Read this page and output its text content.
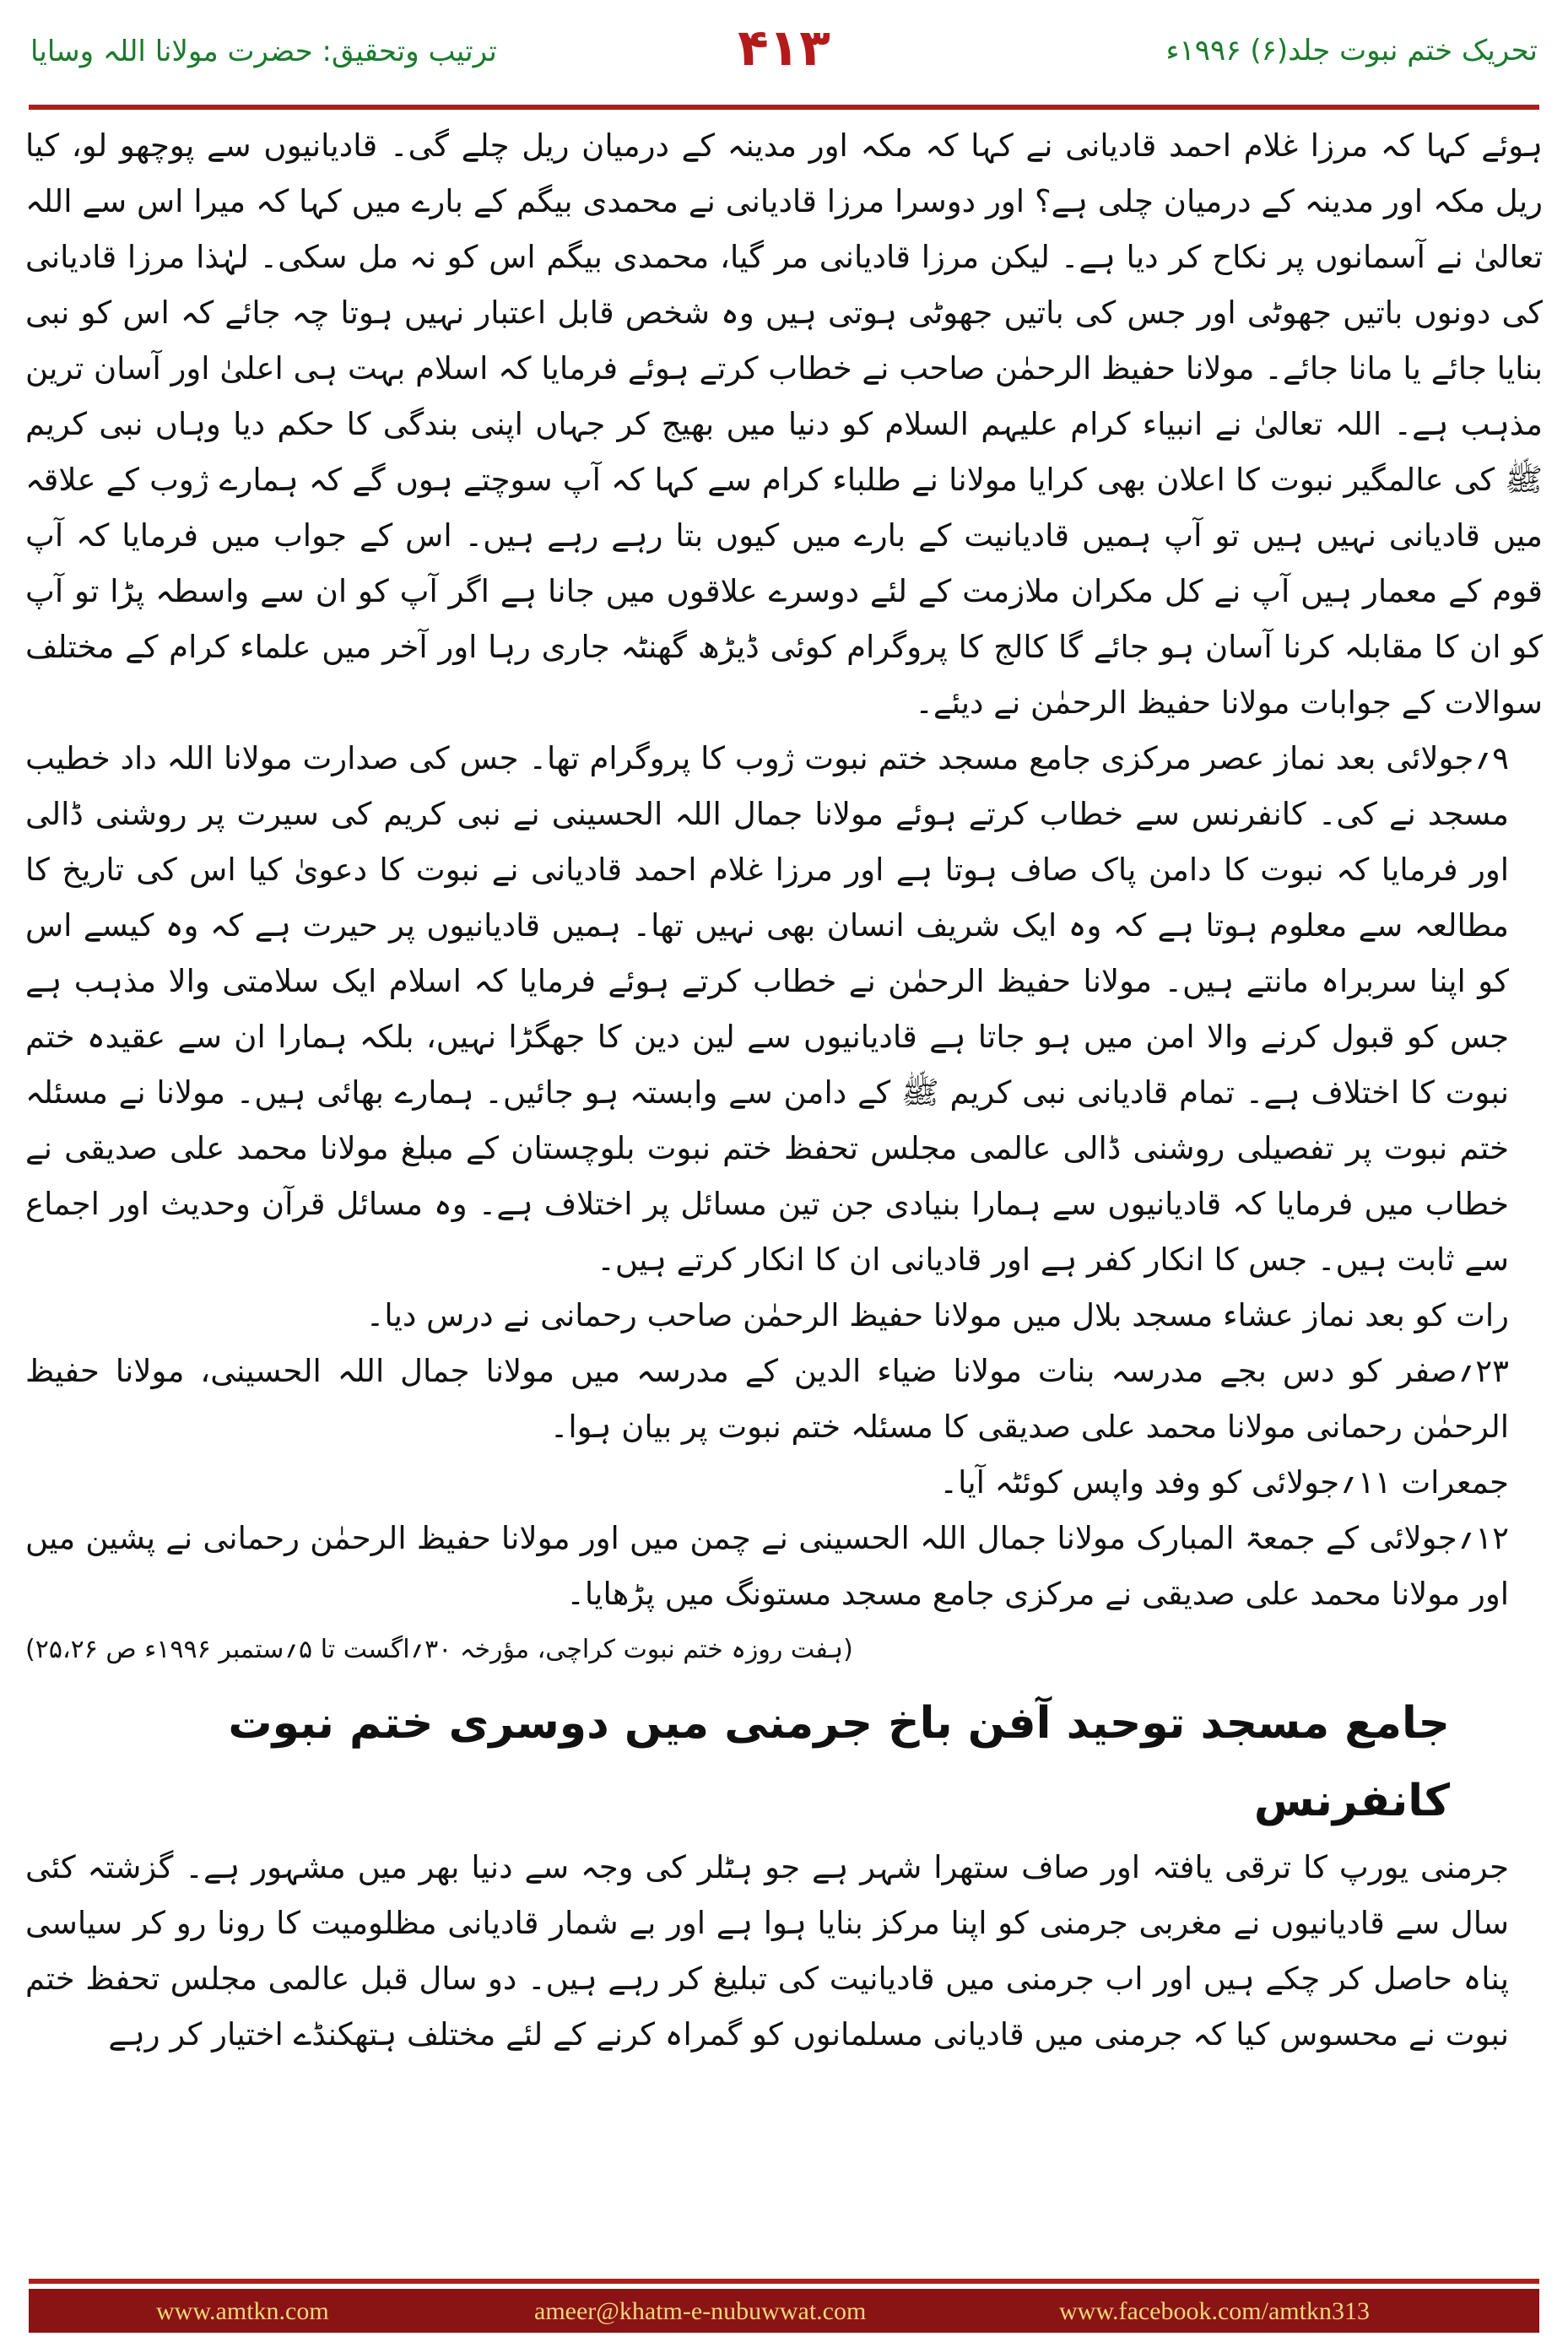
ترتیب وتحقیق: حضرت مولانا اللہ وسایا	۴۱۳	تحریک ختم نبوت جلد(۶) ۱۹۹۶ء

ہوئے کہا کہ مرزا غلام احمد قادیانی نے کہا کہ مکہ اور مدینہ کے درمیان ریل چلے گی۔ قادیانیوں سے پوچھو لو، کیا ریل مکہ اور مدینہ کے درمیان چلی ہے؟ اور دوسرا مرزا قادیانی نے محمدی بیگم کے بارے میں کہا کہ میرا اس سے اللہ تعالیٰ نے آسمانوں پر نکاح کر دیا ہے۔ لیکن مرزا قادیانی مر گیا، محمدی بیگم اس کو نہ مل سکی۔ لہٰذا مرزا قادیانی کی دونوں باتیں جھوٹی اور جس کی باتیں جھوٹی ہوتی ہیں وہ شخص قابل اعتبار نہیں ہوتا چہ جائے کہ اس کو نبی بنایا جائے یا مانا جائے۔ مولانا حفیظ الرحمٰن صاحب نے خطاب کرتے ہوئے فرمایا کہ اسلام بہت ہی اعلیٰ اور آسان ترین مذہب ہے۔ اللہ تعالیٰ نے انبیاء کرام علیہم السلام کو دنیا میں بھیج کر جہاں اپنی بندگی کا حکم دیا وہاں نبی کریم ﷺ کی عالمگیر نبوت کا اعلان بھی کرایا مولانا نے طلباء کرام سے کہا کہ آپ سوچتے ہوں گے کہ ہمارے ژوب کے علاقہ میں قادیانی نہیں ہیں تو آپ ہمیں قادیانیت کے بارے میں کیوں بتا رہے رہے ہیں۔ اس کے جواب میں فرمایا کہ آپ قوم کے معمار ہیں آپ نے کل مکران ملازمت کے لئے دوسرے علاقوں میں جانا ہے اگر آپ کو ان سے واسطہ پڑا تو آپ کو ان کا مقابلہ کرنا آسان ہو جائے گا کالج کا پروگرام کوئی ڈیڑھ گھنٹہ جاری رہا اور آخر میں علماء کرام کے مختلف سوالات کے جوابات مولانا حفیظ الرحمٰن نے دیئے۔

۹؍جولائی بعد نماز عصر مرکزی جامع مسجد ختم نبوت ژوب کا پروگرام تھا۔ جس کی صدارت مولانا اللہ داد خطیب مسجد نے کی۔ کانفرنس سے خطاب کرتے ہوئے مولانا جمال اللہ الحسینی نے نبی کریم کی سیرت پر روشنی ڈالی اور فرمایا کہ نبوت کا دامن پاک صاف ہوتا ہے اور مرزا غلام احمد قادیانی نے نبوت کا دعویٰ کیا اس کی تاریخ کا مطالعہ سے معلوم ہوتا ہے کہ وہ ایک شریف انسان بھی نہیں تھا۔ ہمیں قادیانیوں پر حیرت ہے کہ وہ کیسے اس کو اپنا سربراہ مانتے ہیں۔ مولانا حفیظ الرحمٰن نے خطاب کرتے ہوئے فرمایا کہ اسلام ایک سلامتی والا مذہب ہے جس کو قبول کرنے والا امن میں ہو جاتا ہے قادیانیوں سے لین دین کا جھگڑا نہیں، بلکہ ہمارا ان سے عقیدہ ختم نبوت کا اختلاف ہے۔ تمام قادیانی نبی کریم ﷺ کے دامن سے وابستہ ہو جائیں۔ ہمارے بھائی ہیں۔ مولانا نے مسئلہ ختم نبوت پر تفصیلی روشنی ڈالی عالمی مجلس تحفظ ختم نبوت بلوچستان کے مبلغ مولانا محمد علی صدیقی نے خطاب میں فرمایا کہ قادیانیوں سے ہمارا بنیادی جن تین مسائل پر اختلاف ہے۔ وہ مسائل قرآن وحدیث اور اجماع سے ثابت ہیں۔ جس کا انکار کفر ہے اور قادیانی ان کا انکار کرتے ہیں۔

رات کو بعد نماز عشاء مسجد بلال میں مولانا حفیظ الرحمٰن صاحب رحمانی نے درس دیا۔

۲۳؍صفر کو دس بجے مدرسہ بنات مولانا ضیاء الدین کے مدرسہ میں مولانا جمال اللہ الحسینی، مولانا حفیظ الرحمٰن رحمانی مولانا محمد علی صدیقی کا مسئلہ ختم نبوت پر بیان ہوا۔

جمعرات ۱۱؍جولائی کو وفد واپس کوئٹہ آیا۔

۱۲؍جولائی کے جمعۃ المبارک مولانا جمال اللہ الحسینی نے چمن میں اور مولانا حفیظ الرحمٰن رحمانی نے پشین میں اور مولانا محمد علی صدیقی نے مرکزی جامع مسجد مستونگ میں پڑھایا۔

(ہفت روزہ ختم نبوت کراچی، مؤرخہ ۳۰؍اگست تا ۵؍ستمبر ۱۹۹۶ء ص ۲۵،۲۶)
جامع مسجد توحید آفن باخ جرمنی میں دوسری ختم نبوت کانفرنس

جرمنی یورپ کا ترقی یافتہ اور صاف ستھرا شہر ہے جو ہٹلر کی وجہ سے دنیا بھر میں مشہور ہے۔ گزشتہ کئی سال سے قادیانیوں نے مغربی جرمنی کو اپنا مرکز بنایا ہوا ہے اور بے شمار قادیانی مظلومیت کا رونا رو کر سیاسی پناہ حاصل کر چکے ہیں اور اب جرمنی میں قادیانیت کی تبلیغ کر رہے ہیں۔ دو سال قبل عالمی مجلس تحفظ ختم نبوت نے محسوس کیا کہ جرمنی میں قادیانی مسلمانوں کو گمراہ کرنے کے لئے مختلف ہتھکنڈے اختیار کر رہے

www.amtkn.com	ameer@khatm-e-nubuwwat.com	www.facebook.com/amtkn313
